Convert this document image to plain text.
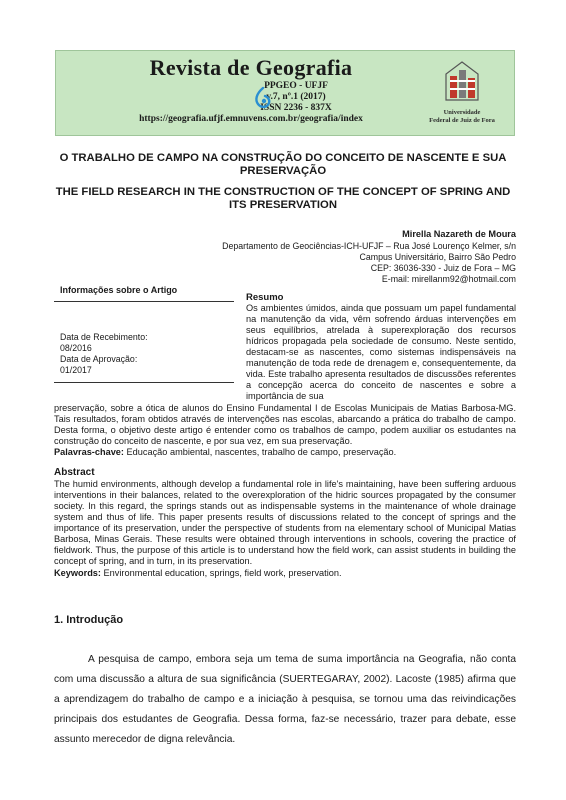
Revista de Geografia
PPGEO - UFJF
v.7, nº.1 (2017)
ISSN 2236 - 837X
https://geografia.ufjf.emnuvens.com.br/geografia/index
Universidade
Federal de Juiz de Fora
O TRABALHO DE CAMPO NA CONSTRUÇÃO DO CONCEITO DE NASCENTE E SUA PRESERVAÇÃO
THE FIELD RESEARCH IN THE CONSTRUCTION OF THE CONCEPT OF SPRING AND ITS PRESERVATION
Mirella Nazareth de Moura
Departamento de Geociências-ICH-UFJF – Rua José Lourenço Kelmer, s/n
Campus Universitário, Bairro São Pedro
CEP: 36036-330 - Juiz de Fora – MG
E-mail: mirellanm92@hotmail.com
Informações sobre o Artigo
Data de Recebimento:
08/2016
Data de Aprovação:
01/2017
Resumo
Os ambientes úmidos, ainda que possuam um papel fundamental na manutenção da vida, vêm sofrendo árduas intervenções em seus equilíbrios, atrelada à superexploração dos recursos hídricos propagada pela sociedade de consumo. Neste sentido, destacam-se as nascentes, como sistemas indispensáveis na manutenção de toda rede de drenagem e, consequentemente, da vida. Este trabalho apresenta resultados de discussões referentes a concepção acerca do conceito de nascentes e sobre a importância de sua
preservação, sobre a ótica de alunos do Ensino Fundamental I de Escolas Municipais de Matias Barbosa-MG. Tais resultados, foram obtidos através de intervenções nas escolas, abarcando a prática do trabalho de campo. Desta forma, o objetivo deste artigo é entender como os trabalhos de campo, podem auxiliar os estudantes na construção do conceito de nascente, e por sua vez, em sua preservação.
Palavras-chave: Educação ambiental, nascentes, trabalho de campo, preservação.
Abstract
The humid environments, although develop a fundamental role in life's maintaining, have been suffering arduous interventions in their balances, related to the overexploration of the hidric sources propagated by the consumer society. In this regard, the springs stands out as indispensable systems in the maintenance of whole drainage system and thus of life. This paper presents results of discussions related to the concept of springs and the importance of its preservation, under the perspective of students from na elementary school of Municipal Matias Barbosa, Minas Gerais. These results were obtained through interventions in schools, covering the practice of fieldwork. Thus, the purpose of this article is to understand how the field work, can assist students in building the concept of spring, and in turn, in its preservation.
Keywords: Environmental education, springs, field work, preservation.
1. Introdução
A pesquisa de campo, embora seja um tema de suma importância na Geografia, não conta com uma discussão a altura de sua significância (SUERTEGARAY, 2002). Lacoste (1985) afirma que a aprendizagem do trabalho de campo e a iniciação à pesquisa, se tornou uma das reivindicações principais dos estudantes de Geografia. Dessa forma, faz-se necessário, trazer para debate, esse assunto merecedor de digna relevância.
